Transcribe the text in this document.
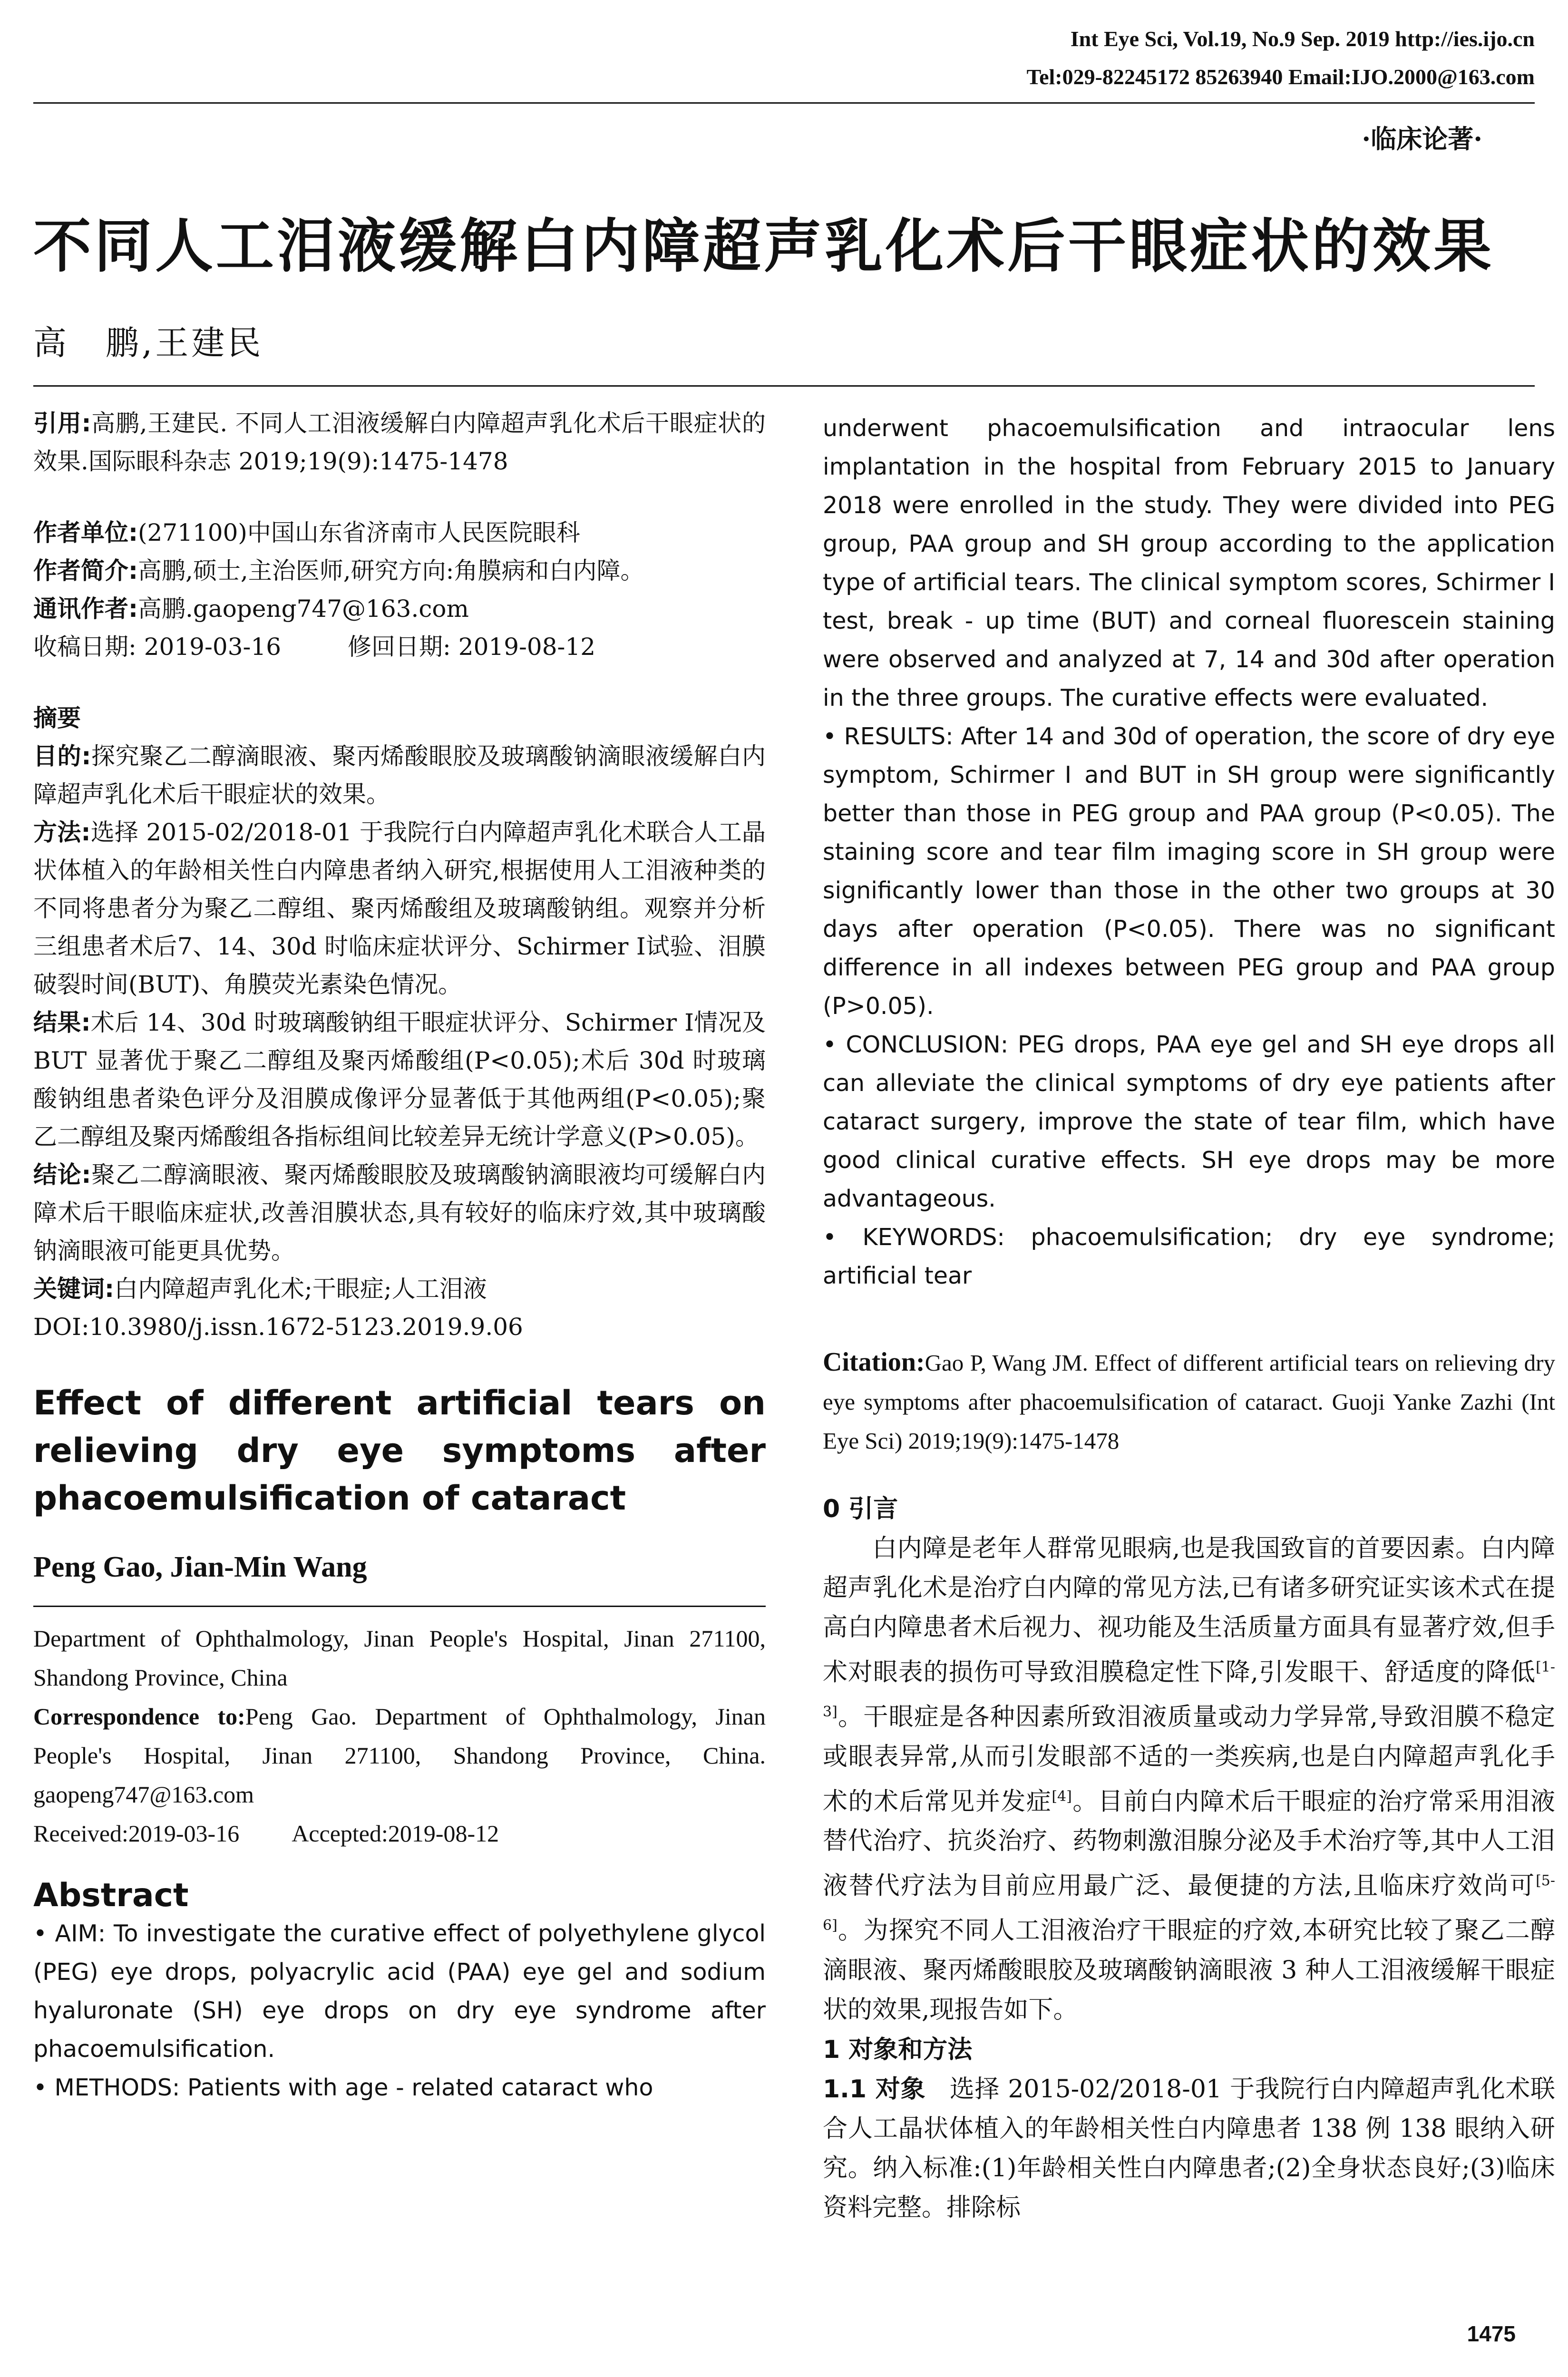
Int Eye Sci, Vol.19, No.9 Sep. 2019 http://ies.ijo.cn
Tel:029-82245172 85263940 Email:IJO.2000@163.com
·临床论著·
不同人工泪液缓解白内障超声乳化术后干眼症状的效果
高　鹏,王建民

引用:高鹏,王建民. 不同人工泪液缓解白内障超声乳化术后干眼症状的效果.国际眼科杂志 2019;19(9):1475-1478

作者单位:(271100)中国山东省济南市人民医院眼科

作者简介:高鹏,硕士,主治医师,研究方向:角膜病和白内障。

通讯作者:高鹏.gaopeng747@163.com

收稿日期: 2019-03-16	修回日期: 2019-08-12

摘要

目的:探究聚乙二醇滴眼液、聚丙烯酸眼胶及玻璃酸钠滴眼液缓解白内障超声乳化术后干眼症状的效果。

方法:选择 2015-02/2018-01 于我院行白内障超声乳化术联合人工晶状体植入的年龄相关性白内障患者纳入研究,根据使用人工泪液种类的不同将患者分为聚乙二醇组、聚丙烯酸组及玻璃酸钠组。观察并分析三组患者术后7、14、30d 时临床症状评分、Schirmer Ⅰ试验、泪膜破裂时间(BUT)、角膜荧光素染色情况。

结果:术后 14、30d 时玻璃酸钠组干眼症状评分、Schirmer Ⅰ情况及 BUT 显著优于聚乙二醇组及聚丙烯酸组(P<0.05);术后 30d 时玻璃酸钠组患者染色评分及泪膜成像评分显著低于其他两组(P<0.05);聚乙二醇组及聚丙烯酸组各指标组间比较差异无统计学意义(P>0.05)。

结论:聚乙二醇滴眼液、聚丙烯酸眼胶及玻璃酸钠滴眼液均可缓解白内障术后干眼临床症状,改善泪膜状态,具有较好的临床疗效,其中玻璃酸钠滴眼液可能更具优势。

关键词:白内障超声乳化术;干眼症;人工泪液

DOI:10.3980/j.issn.1672-5123.2019.9.06

Effect of different artificial tears on relieving dry eye symptoms after phacoemulsification of cataract

Peng Gao, Jian-Min Wang

Department of Ophthalmology, Jinan People's Hospital, Jinan 271100, Shandong Province, China

Correspondence to:Peng Gao. Department of Ophthalmology, Jinan People's Hospital, Jinan 271100, Shandong Province, China. gaopeng747@163.com

Received:2019-03-16 Accepted:2019-08-12

Abstract

• AIM: To investigate the curative effect of polyethylene glycol (PEG) eye drops, polyacrylic acid (PAA) eye gel and sodium hyaluronate (SH) eye drops on dry eye syndrome after phacoemulsification.

• METHODS: Patients with age - related cataract who

underwent phacoemulsification and intraocular lens implantation in the hospital from February 2015 to January 2018 were enrolled in the study. They were divided into PEG group, PAA group and SH group according to the application type of artificial tears. The clinical symptom scores, Schirmer Ⅰ test, break - up time (BUT) and corneal fluorescein staining were observed and analyzed at 7, 14 and 30d after operation in the three groups. The curative effects were evaluated.

• RESULTS: After 14 and 30d of operation, the score of dry eye symptom, Schirmer Ⅰ and BUT in SH group were significantly better than those in PEG group and PAA group (P<0.05). The staining score and tear film imaging score in SH group were significantly lower than those in the other two groups at 30 days after operation (P<0.05). There was no significant difference in all indexes between PEG group and PAA group (P>0.05).

• CONCLUSION: PEG drops, PAA eye gel and SH eye drops all can alleviate the clinical symptoms of dry eye patients after cataract surgery, improve the state of tear film, which have good clinical curative effects. SH eye drops may be more advantageous.

• KEYWORDS: phacoemulsification; dry eye syndrome; artificial tear

Citation:Gao P, Wang JM. Effect of different artificial tears on relieving dry eye symptoms after phacoemulsification of cataract. Guoji Yanke Zazhi (Int Eye Sci) 2019;19(9):1475-1478

0 引言

白内障是老年人群常见眼病,也是我国致盲的首要因素。白内障超声乳化术是治疗白内障的常见方法,已有诸多研究证实该术式在提高白内障患者术后视力、视功能及生活质量方面具有显著疗效,但手术对眼表的损伤可导致泪膜稳定性下降,引发眼干、舒适度的降低[1-3]。干眼症是各种因素所致泪液质量或动力学异常,导致泪膜不稳定或眼表异常,从而引发眼部不适的一类疾病,也是白内障超声乳化手术的术后常见并发症[4]。目前白内障术后干眼症的治疗常采用泪液替代治疗、抗炎治疗、药物刺激泪腺分泌及手术治疗等,其中人工泪液替代疗法为目前应用最广泛、最便捷的方法,且临床疗效尚可[5-6]。为探究不同人工泪液治疗干眼症的疗效,本研究比较了聚乙二醇滴眼液、聚丙烯酸眼胶及玻璃酸钠滴眼液 3 种人工泪液缓解干眼症状的效果,现报告如下。

1 对象和方法

1.1 对象 选择 2015-02/2018-01 于我院行白内障超声乳化术联合人工晶状体植入的年龄相关性白内障患者 138 例 138 眼纳入研究。纳入标准:(1)年龄相关性白内障患者;(2)全身状态良好;(3)临床资料完整。排除标

1475
